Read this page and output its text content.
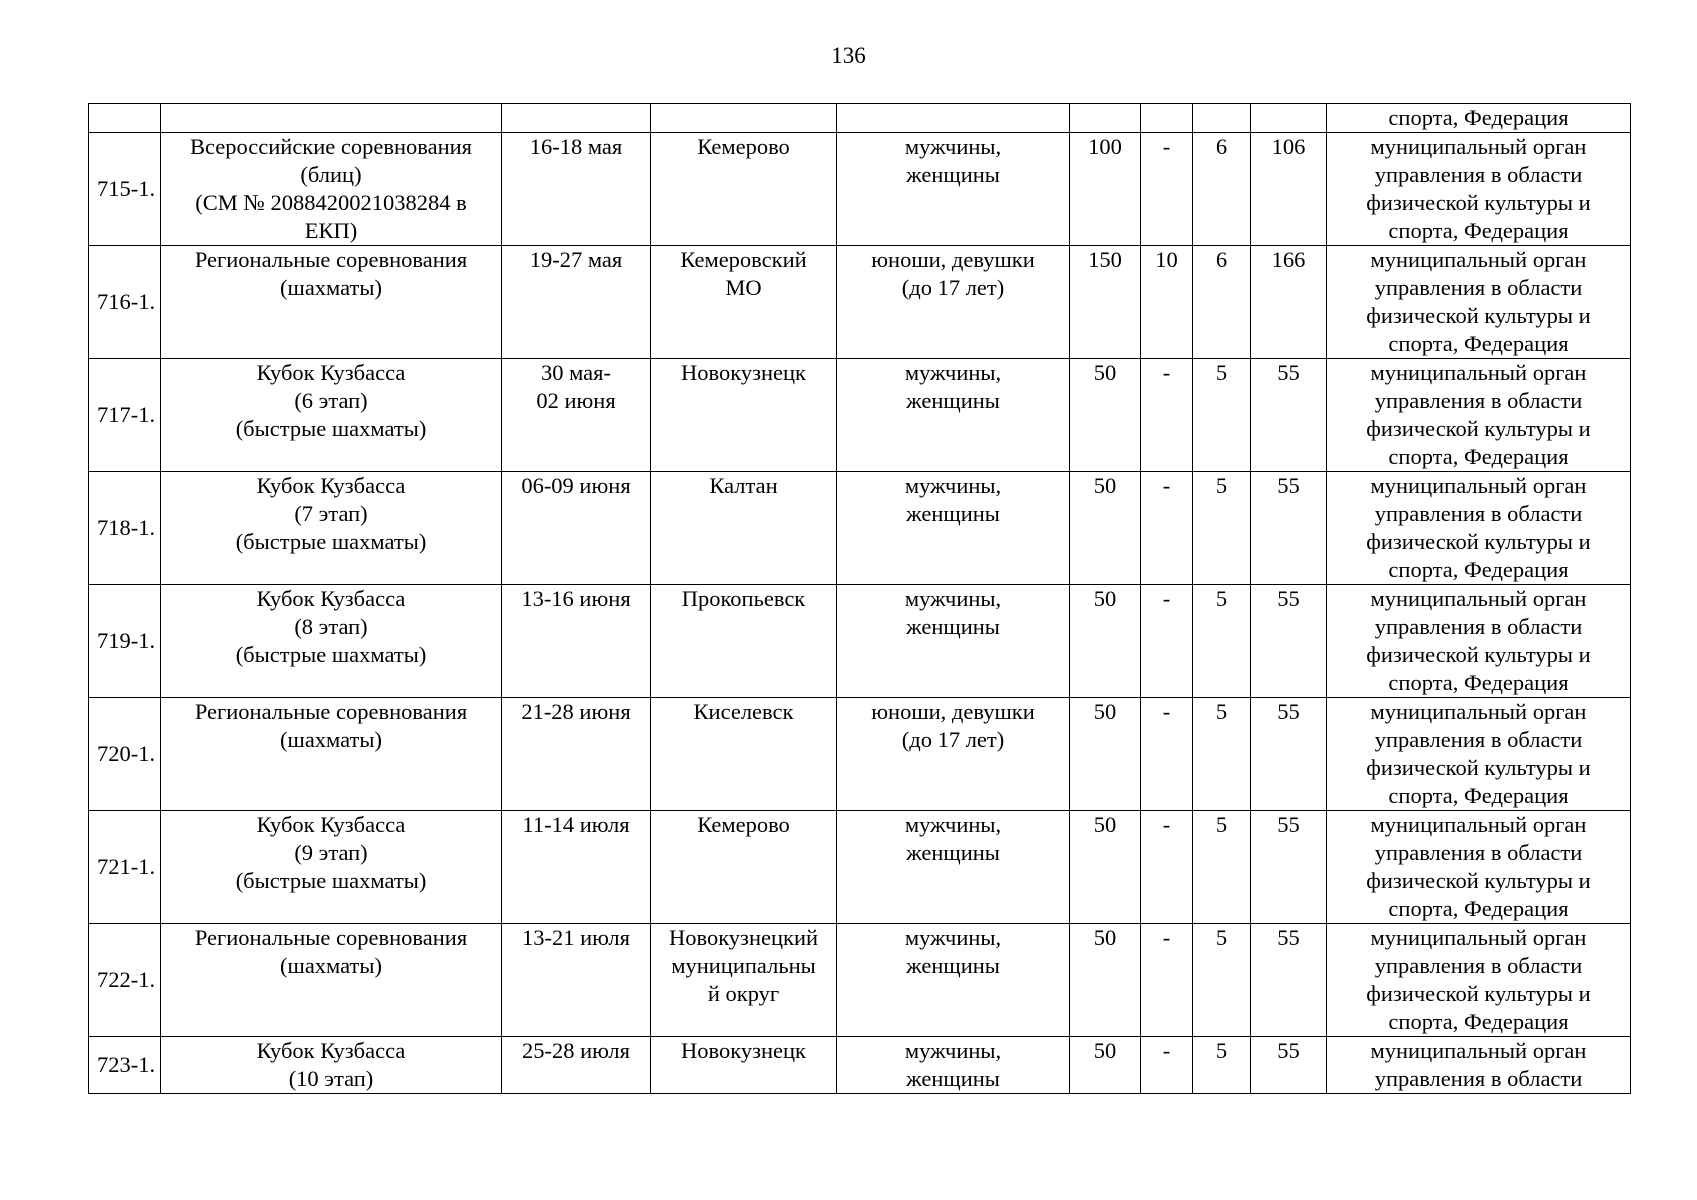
136
									спорта, Федерация
715-1.	Всероссийские соревнования
(блиц)
(СМ № 2088420021038284 в
ЕКП)	16-18 мая	Кемерово	мужчины,
женщины	100	-	6	106	муниципальный орган
управления в области
физической культуры и
спорта, Федерация

716-1.	Региональные соревнования
(шахматы)	19-27 мая	Кемеровский
МО	юноши, девушки
(до 17 лет)	150	10	6	166	муниципальный орган
управления в области
физической культуры и
спорта, Федерация

717-1.	Кубок Кузбасса
(6 этап)
(быстрые шахматы)	30 мая-
02 июня	Новокузнецк	мужчины,
женщины	50	-	5	55	муниципальный орган
управления в области
физической культуры и
спорта, Федерация

718-1.	Кубок Кузбасса
(7 этап)
(быстрые шахматы)	06-09 июня	Калтан	мужчины,
женщины	50	-	5	55	муниципальный орган
управления в области
физической культуры и
спорта, Федерация

719-1.	Кубок Кузбасса
(8 этап)
(быстрые шахматы)	13-16 июня	Прокопьевск	мужчины,
женщины	50	-	5	55	муниципальный орган
управления в области
физической культуры и
спорта, Федерация

720-1.	Региональные соревнования
(шахматы)	21-28 июня	Киселевск	юноши, девушки
(до 17 лет)	50	-	5	55	муниципальный орган
управления в области
физической культуры и
спорта, Федерация

721-1.	Кубок Кузбасса
(9 этап)
(быстрые шахматы)	11-14 июля	Кемерово	мужчины,
женщины	50	-	5	55	муниципальный орган
управления в области
физической культуры и
спорта, Федерация

722-1.	Региональные соревнования
(шахматы)	13-21 июля	Новокузнецкий
муниципальны
й округ	мужчины,
женщины	50	-	5	55	муниципальный орган
управления в области
физической культуры и
спорта, Федерация

723-1.	Кубок Кузбасса
(10 этап)	25-28 июля	Новокузнецк	мужчины,
женщины	50	-	5	55	муниципальный орган
управления в области
